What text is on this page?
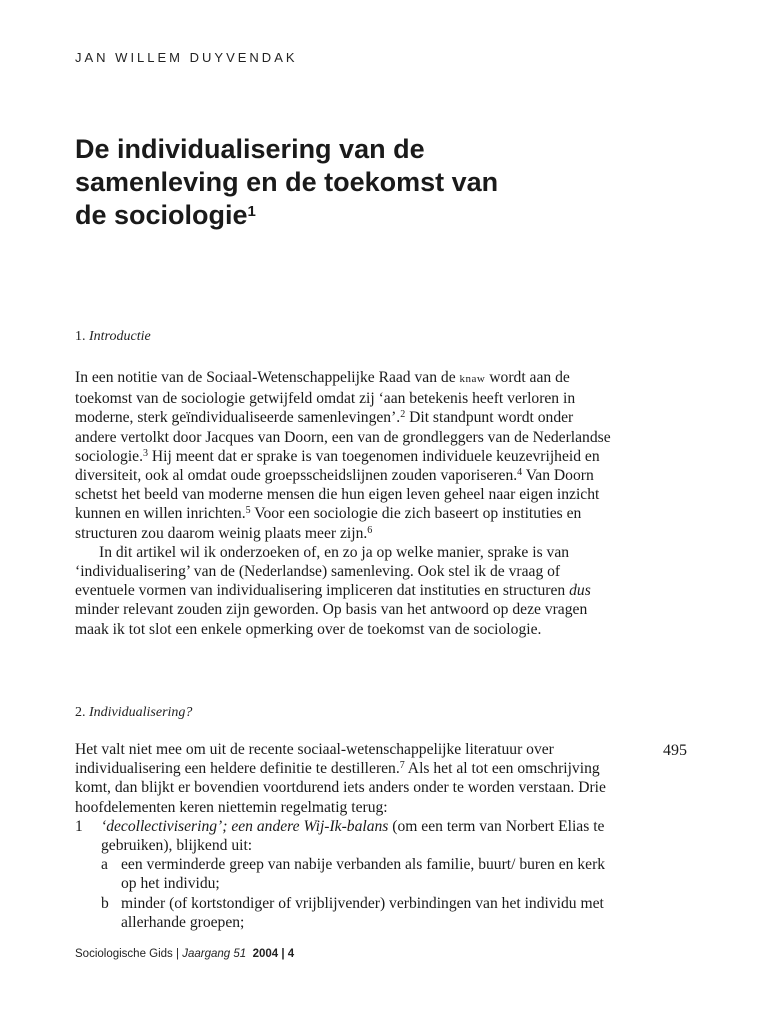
JAN WILLEM DUYVENDAK
De individualisering van de samenleving en de toekomst van de sociologie$^1$
1. Introductie

In een notitie van de Sociaal-Wetenschappelijke Raad van de knaw wordt aan de toekomst van de sociologie getwijfeld omdat zij ‘aan betekenis heeft verloren in moderne, sterk geïndividualiseerde samenlevingen’.$^2$ Dit standpunt wordt onder andere vertolkt door Jacques van Doorn, een van de grondleggers van de Nederlandse sociologie.$^3$ Hij meent dat er sprake is van toegenomen individuele keuzevrijheid en diversiteit, ook al omdat oude groepsscheidslijnen zouden vaporiseren.$^4$ Van Doorn schetst het beeld van moderne mensen die hun eigen leven geheel naar eigen inzicht kunnen en willen inrichten.$^5$ Voor een sociologie die zich baseert op instituties en structuren zou daarom weinig plaats meer zijn.$^6$

In dit artikel wil ik onderzoeken of, en zo ja op welke manier, sprake is van ‘individualisering’ van de (Nederlandse) samenleving. Ook stel ik de vraag of eventuele vormen van individualisering impliceren dat instituties en structuren dus minder relevant zouden zijn geworden. Op basis van het antwoord op deze vragen maak ik tot slot een enkele opmerking over de toekomst van de sociologie.

2. Individualisering?
495

Het valt niet mee om uit de recente sociaal-wetenschappelijke literatuur over individualisering een heldere definitie te destilleren.$^7$ Als het al tot een omschrijving komt, dan blijkt er bovendien voortdurend iets anders onder te worden verstaan. Drie hoofdelementen keren niettemin regelmatig terug:

1 ‘decollectivisering’; een andere Wij-Ik-balans (om een term van Norbert Elias te gebruiken), blijkend uit:
a een verminderde greep van nabije verbanden als familie, buurt/ buren en kerk op het individu;
b minder (of kortstondiger of vrijblijvender) verbindingen van het individu met allerhande groepen;
Sociologische Gids | Jaargang 51 2004 | 4
